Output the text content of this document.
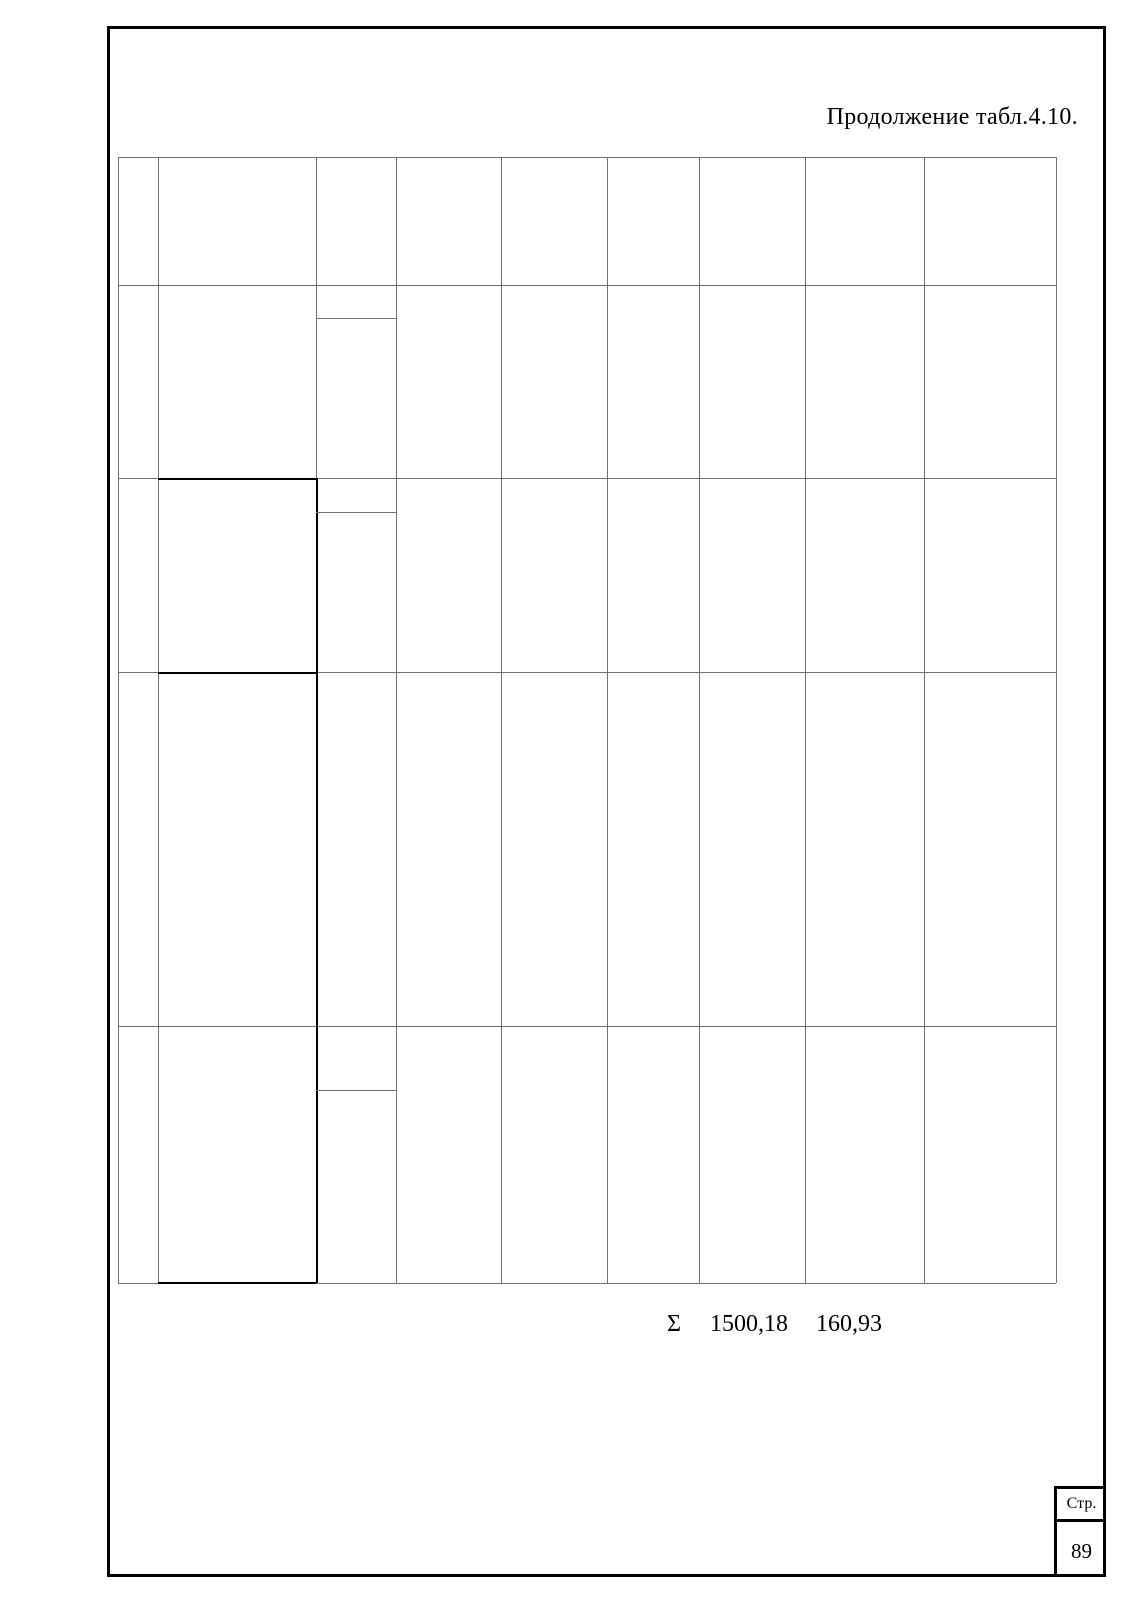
Продолжение табл.4.10.
Σ 1500,18 160,93
Стр.
89
